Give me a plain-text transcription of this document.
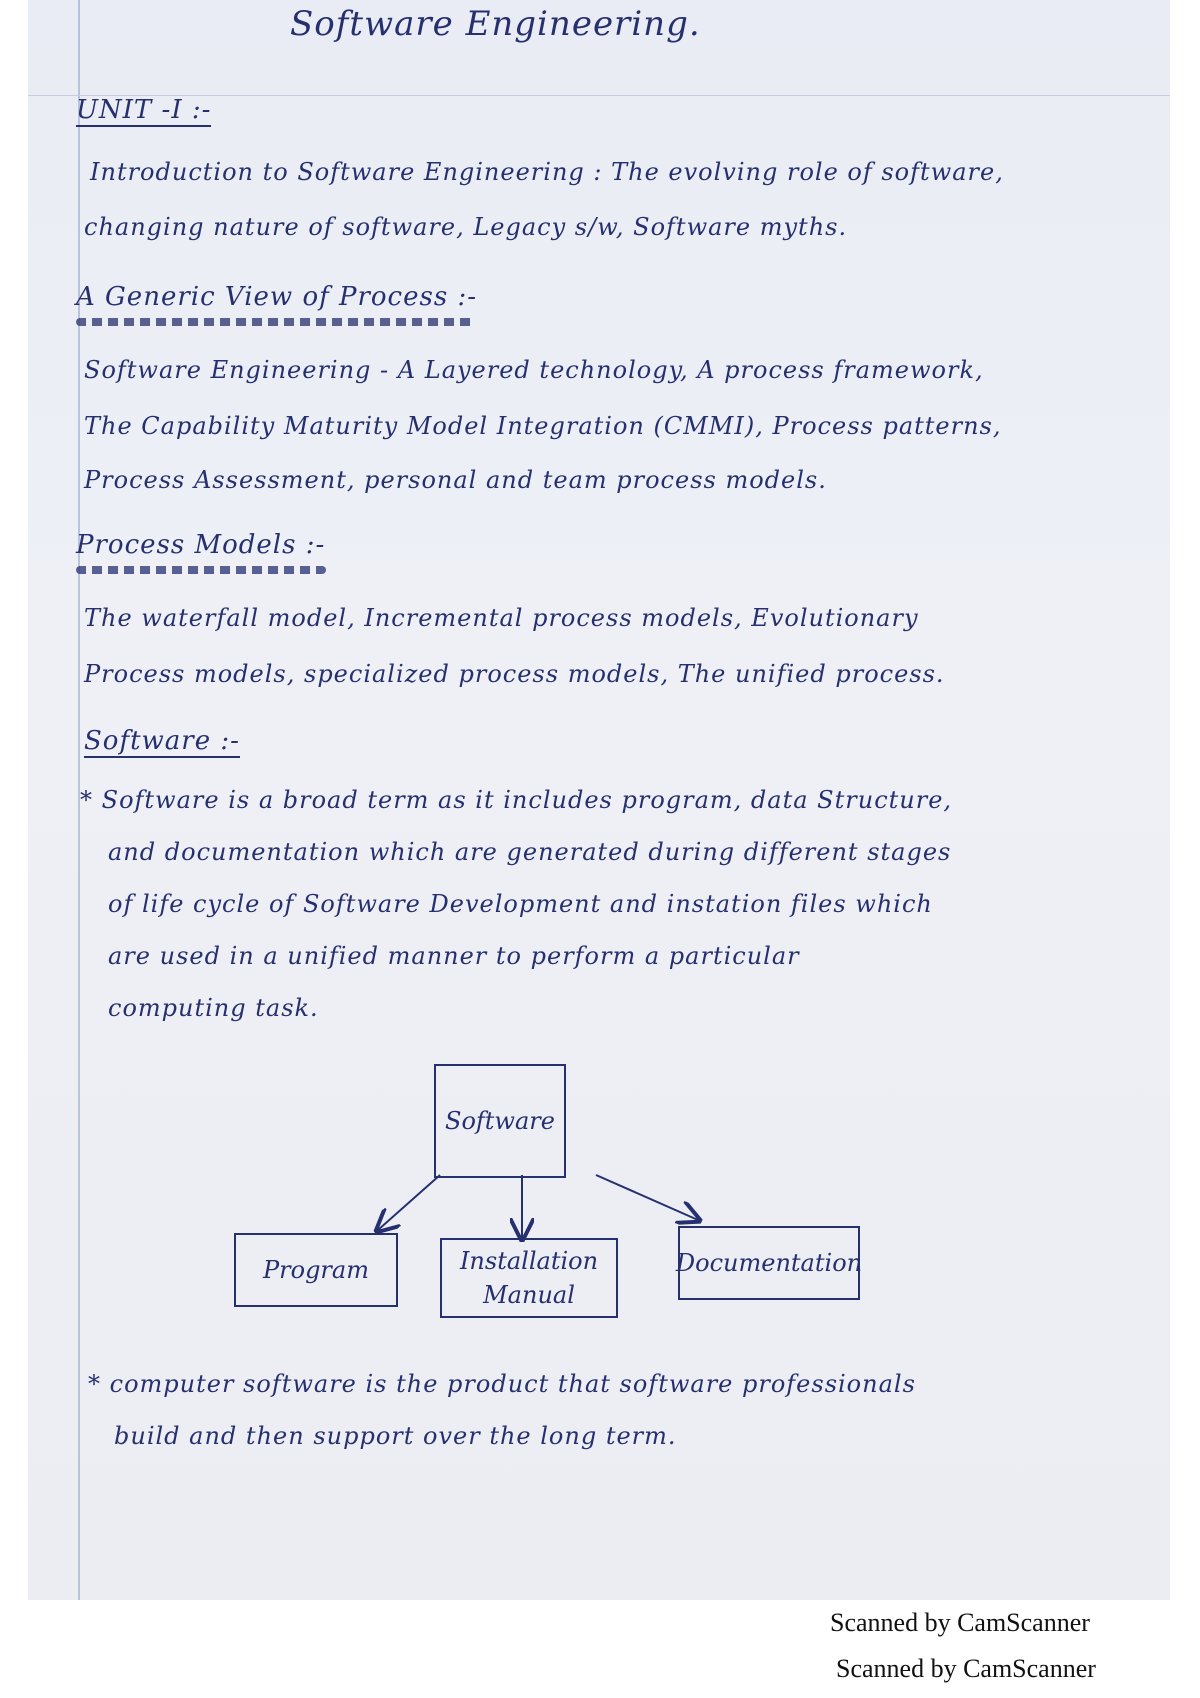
Software Engineering.
UNIT -I :-
Introduction to Software Engineering : The evolving role of software,
changing nature of software, Legacy s/w, Software myths.
A Generic View of Process :-
Software Engineering - A Layered technology, A process framework,
The Capability Maturity Model Integration (CMMI), Process patterns,
Process Assessment, personal and team process models.
Process Models :-
The waterfall model, Incremental process models, Evolutionary
Process models, specialized process models, The unified process.
Software :-
* Software is a broad term as it includes program, data Structure,
and documentation which are generated during different stages
of life cycle of Software Development and instation files which
are used in a unified manner to perform a particular
computing task.
Software
Program	Installation Manual
Documentation
* computer software is the product that software professionals
build and then support over the long term.
Scanned by CamScanner
Scanned by CamScanner
